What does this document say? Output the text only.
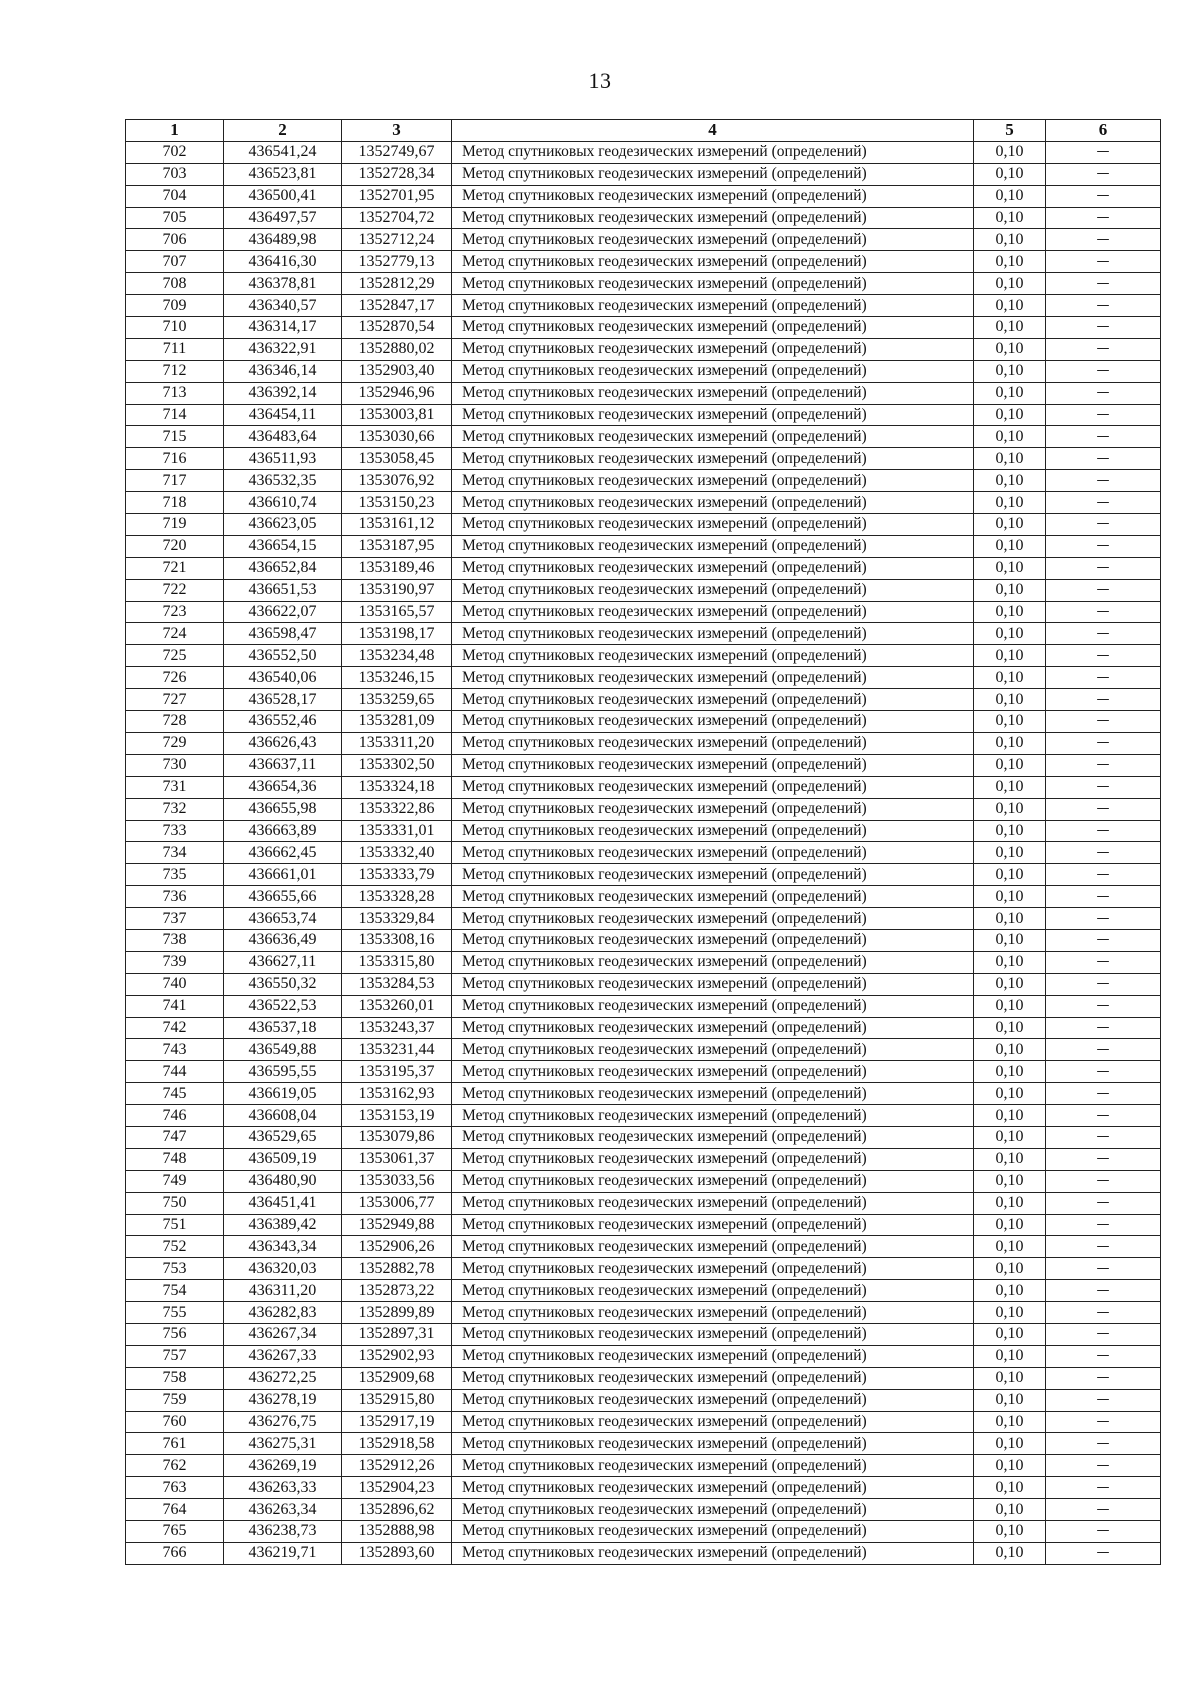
13
1	2	3	4	5	6
702	436541,24	1352749,67	Метод спутниковых геодезических измерений (определений)	0,10	—
703	436523,81	1352728,34	Метод спутниковых геодезических измерений (определений)	0,10	—
704	436500,41	1352701,95	Метод спутниковых геодезических измерений (определений)	0,10	—
705	436497,57	1352704,72	Метод спутниковых геодезических измерений (определений)	0,10	—
706	436489,98	1352712,24	Метод спутниковых геодезических измерений (определений)	0,10	—
707	436416,30	1352779,13	Метод спутниковых геодезических измерений (определений)	0,10	—
708	436378,81	1352812,29	Метод спутниковых геодезических измерений (определений)	0,10	—
709	436340,57	1352847,17	Метод спутниковых геодезических измерений (определений)	0,10	—
710	436314,17	1352870,54	Метод спутниковых геодезических измерений (определений)	0,10	—
711	436322,91	1352880,02	Метод спутниковых геодезических измерений (определений)	0,10	—
712	436346,14	1352903,40	Метод спутниковых геодезических измерений (определений)	0,10	—
713	436392,14	1352946,96	Метод спутниковых геодезических измерений (определений)	0,10	—
714	436454,11	1353003,81	Метод спутниковых геодезических измерений (определений)	0,10	—
715	436483,64	1353030,66	Метод спутниковых геодезических измерений (определений)	0,10	—
716	436511,93	1353058,45	Метод спутниковых геодезических измерений (определений)	0,10	—
717	436532,35	1353076,92	Метод спутниковых геодезических измерений (определений)	0,10	—
718	436610,74	1353150,23	Метод спутниковых геодезических измерений (определений)	0,10	—
719	436623,05	1353161,12	Метод спутниковых геодезических измерений (определений)	0,10	—
720	436654,15	1353187,95	Метод спутниковых геодезических измерений (определений)	0,10	—
721	436652,84	1353189,46	Метод спутниковых геодезических измерений (определений)	0,10	—
722	436651,53	1353190,97	Метод спутниковых геодезических измерений (определений)	0,10	—
723	436622,07	1353165,57	Метод спутниковых геодезических измерений (определений)	0,10	—
724	436598,47	1353198,17	Метод спутниковых геодезических измерений (определений)	0,10	—
725	436552,50	1353234,48	Метод спутниковых геодезических измерений (определений)	0,10	—
726	436540,06	1353246,15	Метод спутниковых геодезических измерений (определений)	0,10	—
727	436528,17	1353259,65	Метод спутниковых геодезических измерений (определений)	0,10	—
728	436552,46	1353281,09	Метод спутниковых геодезических измерений (определений)	0,10	—
729	436626,43	1353311,20	Метод спутниковых геодезических измерений (определений)	0,10	—
730	436637,11	1353302,50	Метод спутниковых геодезических измерений (определений)	0,10	—
731	436654,36	1353324,18	Метод спутниковых геодезических измерений (определений)	0,10	—
732	436655,98	1353322,86	Метод спутниковых геодезических измерений (определений)	0,10	—
733	436663,89	1353331,01	Метод спутниковых геодезических измерений (определений)	0,10	—
734	436662,45	1353332,40	Метод спутниковых геодезических измерений (определений)	0,10	—
735	436661,01	1353333,79	Метод спутниковых геодезических измерений (определений)	0,10	—
736	436655,66	1353328,28	Метод спутниковых геодезических измерений (определений)	0,10	—
737	436653,74	1353329,84	Метод спутниковых геодезических измерений (определений)	0,10	—
738	436636,49	1353308,16	Метод спутниковых геодезических измерений (определений)	0,10	—
739	436627,11	1353315,80	Метод спутниковых геодезических измерений (определений)	0,10	—
740	436550,32	1353284,53	Метод спутниковых геодезических измерений (определений)	0,10	—
741	436522,53	1353260,01	Метод спутниковых геодезических измерений (определений)	0,10	—
742	436537,18	1353243,37	Метод спутниковых геодезических измерений (определений)	0,10	—
743	436549,88	1353231,44	Метод спутниковых геодезических измерений (определений)	0,10	—
744	436595,55	1353195,37	Метод спутниковых геодезических измерений (определений)	0,10	—
745	436619,05	1353162,93	Метод спутниковых геодезических измерений (определений)	0,10	—
746	436608,04	1353153,19	Метод спутниковых геодезических измерений (определений)	0,10	—
747	436529,65	1353079,86	Метод спутниковых геодезических измерений (определений)	0,10	—
748	436509,19	1353061,37	Метод спутниковых геодезических измерений (определений)	0,10	—
749	436480,90	1353033,56	Метод спутниковых геодезических измерений (определений)	0,10	—
750	436451,41	1353006,77	Метод спутниковых геодезических измерений (определений)	0,10	—
751	436389,42	1352949,88	Метод спутниковых геодезических измерений (определений)	0,10	—
752	436343,34	1352906,26	Метод спутниковых геодезических измерений (определений)	0,10	—
753	436320,03	1352882,78	Метод спутниковых геодезических измерений (определений)	0,10	—
754	436311,20	1352873,22	Метод спутниковых геодезических измерений (определений)	0,10	—
755	436282,83	1352899,89	Метод спутниковых геодезических измерений (определений)	0,10	—
756	436267,34	1352897,31	Метод спутниковых геодезических измерений (определений)	0,10	—
757	436267,33	1352902,93	Метод спутниковых геодезических измерений (определений)	0,10	—
758	436272,25	1352909,68	Метод спутниковых геодезических измерений (определений)	0,10	—
759	436278,19	1352915,80	Метод спутниковых геодезических измерений (определений)	0,10	—
760	436276,75	1352917,19	Метод спутниковых геодезических измерений (определений)	0,10	—
761	436275,31	1352918,58	Метод спутниковых геодезических измерений (определений)	0,10	—
762	436269,19	1352912,26	Метод спутниковых геодезических измерений (определений)	0,10	—
763	436263,33	1352904,23	Метод спутниковых геодезических измерений (определений)	0,10	—
764	436263,34	1352896,62	Метод спутниковых геодезических измерений (определений)	0,10	—
765	436238,73	1352888,98	Метод спутниковых геодезических измерений (определений)	0,10	—
766	436219,71	1352893,60	Метод спутниковых геодезических измерений (определений)	0,10	—
